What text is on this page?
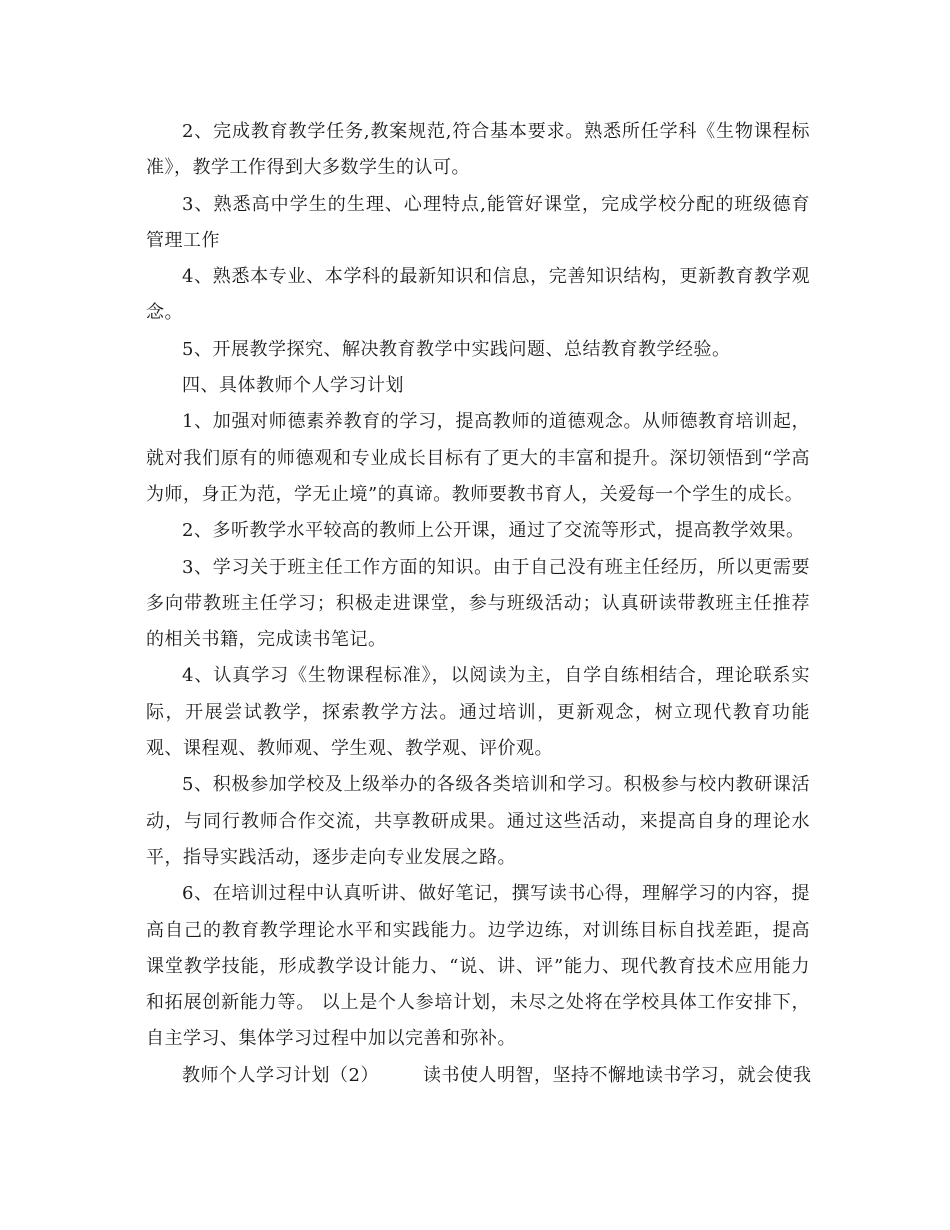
2、完成教育教学任务,教案规范,符合基本要求。熟悉所任学科《生物课程标准》，教学工作得到大多数学生的认可。

3、熟悉高中学生的生理、心理特点,能管好课堂，完成学校分配的班级德育管理工作

4、熟悉本专业、本学科的最新知识和信息，完善知识结构，更新教育教学观念。

5、开展教学探究、解决教育教学中实践问题、总结教育教学经验。

四、具体教师个人学习计划

1、加强对师德素养教育的学习，提高教师的道德观念。从师德教育培训起，就对我们原有的师德观和专业成长目标有了更大的丰富和提升。深切领悟到“学高为师，身正为范，学无止境”的真谛。教师要教书育人，关爱每一个学生的成长。

2、多听教学水平较高的教师上公开课，通过了交流等形式，提高教学效果。

3、学习关于班主任工作方面的知识。由于自己没有班主任经历，所以更需要多向带教班主任学习；积极走进课堂，参与班级活动；认真研读带教班主任推荐的相关书籍，完成读书笔记。

4、认真学习《生物课程标准》，以阅读为主，自学自练相结合，理论联系实际，开展尝试教学，探索教学方法。通过培训，更新观念，树立现代教育功能观、课程观、教师观、学生观、教学观、评价观。

5、积极参加学校及上级举办的各级各类培训和学习。积极参与校内教研课活动，与同行教师合作交流，共享教研成果。通过这些活动，来提高自身的理论水平，指导实践活动，逐步走向专业发展之路。

6、在培训过程中认真听讲、做好笔记，撰写读书心得，理解学习的内容，提高自己的教育教学理论水平和实践能力。边学边练，对训练目标自找差距，提高课堂教学技能，形成教学设计能力、“说、讲、评”能力、现代教育技术应用能力和拓展创新能力等。 以上是个人参培计划，未尽之处将在学校具体工作安排下，自主学习、集体学习过程中加以完善和弥补。

教师个人学习计划（2） 读书使人明智，坚持不懈地读书学习，就会使我
